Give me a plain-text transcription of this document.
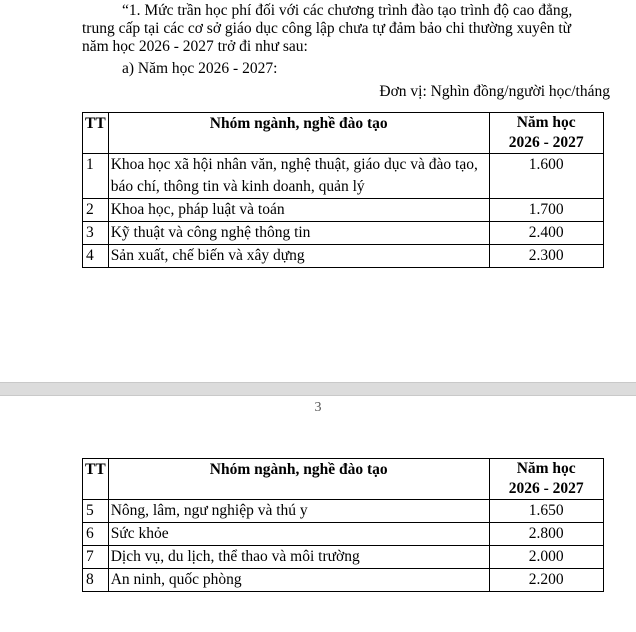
“1. Mức trần học phí đối với các chương trình đào tạo trình độ cao đẳng,
trung cấp tại các cơ sở giáo dục công lập chưa tự đảm bảo chi thường xuyên từ
năm học 2026 - 2027 trở đi như sau:
a) Năm học 2026 - 2027:
Đơn vị: Nghìn đồng/người học/tháng
TT	Nhóm ngành, nghề đào tạo	Năm học
2026 - 2027

1	Khoa học xã hội nhân văn, nghệ thuật, giáo dục và đào tạo,
báo chí, thông tin và kinh doanh, quản lý	1.600
2	Khoa học, pháp luật và toán	1.700
3	Kỹ thuật và công nghệ thông tin	2.400
4	Sản xuất, chế biến và xây dựng	2.300
3
TT	Nhóm ngành, nghề đào tạo	Năm học
2026 - 2027

5	Nông, lâm, ngư nghiệp và thú y	1.650
6	Sức khỏe	2.800
7	Dịch vụ, du lịch, thể thao và môi trường	2.000
8	An ninh, quốc phòng	2.200
